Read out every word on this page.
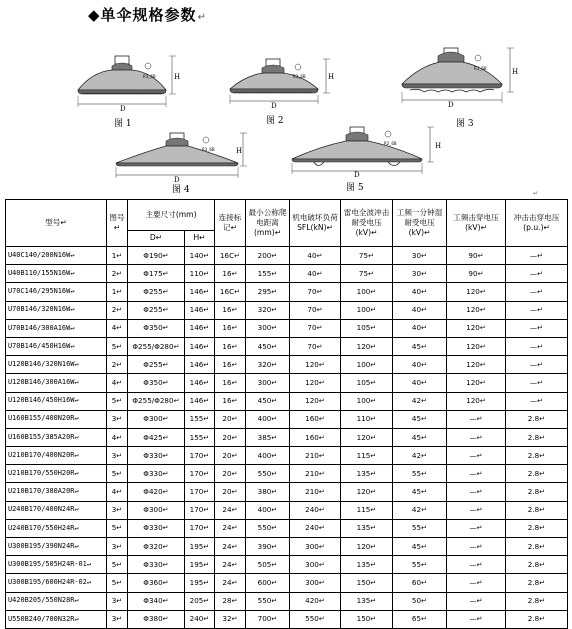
◆单伞规格参数↵
R3_6B
D
H
图 1
R3_6B
D
H
图 2
R3_6B
D
H
图 3
R3_6B
D
H
图 4
R2_6B
D
H
图 5
↵
型号↵	图号↵	主要尺寸(mm)		连接标记↵	最小公称爬电距离(mm)↵	机电破坏负荷SFL(kN)↵	雷电全波冲击耐受电压(kV)↵	工频一分钟湿耐受电压(kV)↵	工频击穿电压(kV)↵	冲击击穿电压(p.u.)↵
		D↵	H↵							
U40C140/200N16W↵	1↵	Φ190↵	140↵	16C↵	200↵	40↵	75↵	30↵	90↵	—↵
U40B110/155N16W↵	2↵	Φ175↵	110↵	16↵	155↵	40↵	75↵	30↵	90↵	—↵
U70C146/295N16W↵	1↵	Φ255↵	146↵	16C↵	295↵	70↵	100↵	40↵	120↵	—↵
U70B146/320N16W↵	2↵	Φ255↵	146↵	16↵	320↵	70↵	100↵	40↵	120↵	—↵
U70B146/300A16W↵	4↵	Φ350↵	146↵	16↵	300↵	70↵	105↵	40↵	120↵	—↵
U70B146/450H16W↵	5↵	Φ255/Φ280↵	146↵	16↵	450↵	70↵	120↵	45↵	120↵	—↵
U120B146/320N16W↵	2↵	Φ255↵	146↵	16↵	320↵	120↵	100↵	40↵	120↵	—↵
U120B146/300A16W↵	4↵	Φ350↵	146↵	16↵	300↵	120↵	105↵	40↵	120↵	—↵
U120B146/450H16W↵	5↵	Φ255/Φ280↵	146↵	16↵	450↵	120↵	100↵	42↵	120↵	—↵
U160B155/400N20R↵	3↵	Φ300↵	155↵	20↵	400↵	160↵	110↵	45↵	—↵	2.8↵
U160B155/385A20R↵	4↵	Φ425↵	155↵	20↵	385↵	160↵	120↵	45↵	—↵	2.8↵
U210B170/400N20R↵	3↵	Φ330↵	170↵	20↵	400↵	210↵	115↵	42↵	—↵	2.8↵
U210B170/550H20R↵	5↵	Φ330↵	170↵	20↵	550↵	210↵	135↵	55↵	—↵	2.8↵
U210B170/380A20R↵	4↵	Φ420↵	170↵	20↵	380↵	210↵	120↵	45↵	—↵	2.8↵
U240B170/400N24R↵	3↵	Φ300↵	170↵	24↵	400↵	240↵	115↵	42↵	—↵	2.8↵
U240B170/550H24R↵	5↵	Φ330↵	170↵	24↵	550↵	240↵	135↵	55↵	—↵	2.8↵
U300B195/390N24R↵	3↵	Φ320↵	195↵	24↵	390↵	300↵	120↵	45↵	—↵	2.8↵
U300B195/505H24R-01↵	5↵	Φ330↵	195↵	24↵	505↵	300↵	135↵	55↵	—↵	2.8↵
U300B195/600H24R-02↵	5↵	Φ360↵	195↵	24↵	600↵	300↵	150↵	60↵	—↵	2.8↵
U420B205/550N28R↵	3↵	Φ340↵	205↵	28↵	550↵	420↵	135↵	50↵	—↵	2.8↵
U550B240/700N32R↵	3↵	Φ380↵	240↵	32↵	700↵	550↵	150↵	65↵	—↵	2.8↵
